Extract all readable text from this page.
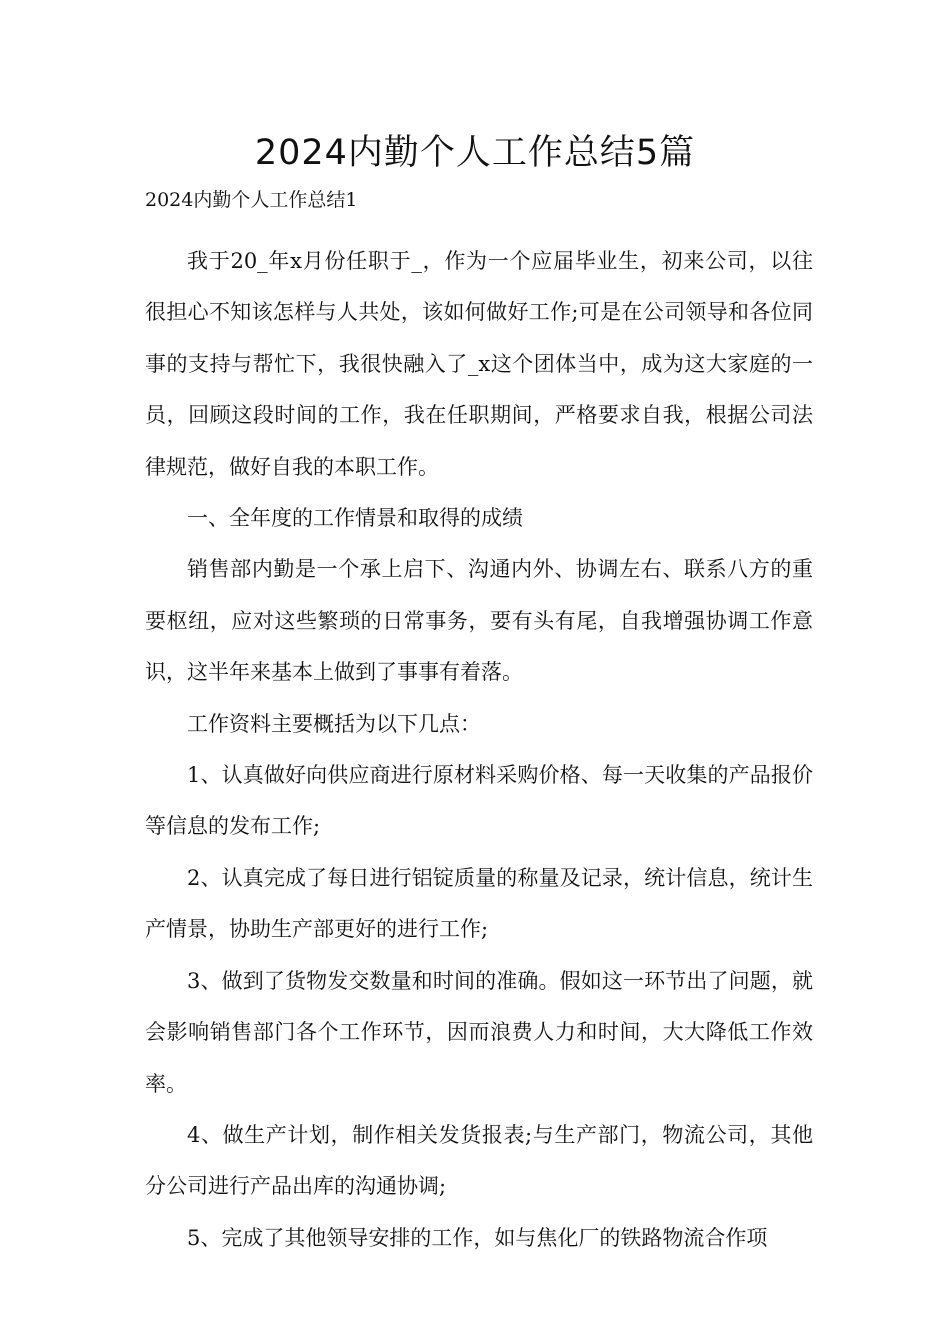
2024内勤个人工作总结5篇
2024内勤个人工作总结1

我于20_年x月份任职于_，作为一个应届毕业生，初来公司，以往很担心不知该怎样与人共处，该如何做好工作;可是在公司领导和各位同事的支持与帮忙下，我很快融入了_x这个团体当中，成为这大家庭的一员，回顾这段时间的工作，我在任职期间，严格要求自我，根据公司法律规范，做好自我的本职工作。

一、全年度的工作情景和取得的成绩

销售部内勤是一个承上启下、沟通内外、协调左右、联系八方的重要枢纽，应对这些繁琐的日常事务，要有头有尾，自我增强协调工作意识，这半年来基本上做到了事事有着落。

工作资料主要概括为以下几点：

1、认真做好向供应商进行原材料采购价格、每一天收集的产品报价等信息的发布工作;

2、认真完成了每日进行铝锭质量的称量及记录，统计信息，统计生产情景，协助生产部更好的进行工作;

3、做到了货物发交数量和时间的准确。假如这一环节出了问题，就会影响销售部门各个工作环节，因而浪费人力和时间，大大降低工作效率。

4、做生产计划，制作相关发货报表;与生产部门，物流公司，其他分公司进行产品出库的沟通协调;

5、完成了其他领导安排的工作，如与焦化厂的铁路物流合作项
